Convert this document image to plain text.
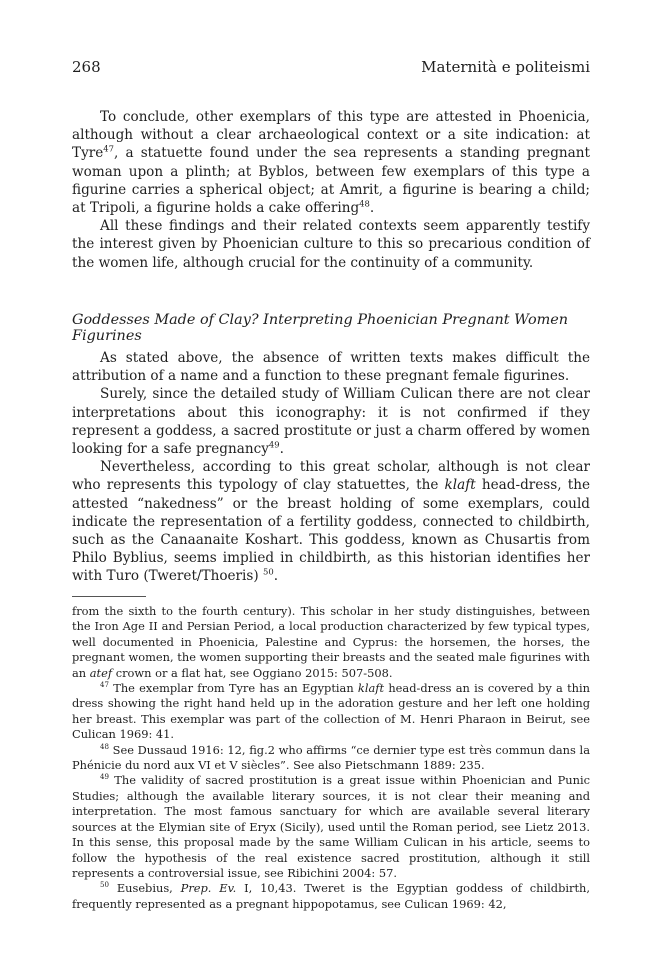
268	Maternità e politeismi

To conclude, other exemplars of this type are attested in Phoenicia, although without a clear archaeological context or a site indication: at Tyre$^{47}$, a statuette found under the sea represents a standing pregnant woman upon a plinth; at Byblos, between few exemplars of this type a figurine carries a spherical object; at Amrit, a figurine is bearing a child; at Tripoli, a figurine holds a cake offering$^{48}$.

All these findings and their related contexts seem apparently testify the interest given by Phoenician culture to this so precarious condition of the women life, although crucial for the continuity of a community.

Goddesses Made of Clay? Interpreting Phoenician Pregnant Women Figurines

As stated above, the absence of written texts makes difficult the attribution of a name and a function to these pregnant female figurines.

Surely, since the detailed study of William Culican there are not clear interpretations about this iconography: it is not confirmed if they represent a goddess, a sacred prostitute or just a charm offered by women looking for a safe pregnancy$^{49}$.

Nevertheless, according to this great scholar, although is not clear who represents this typology of clay statuettes, the klaft head-dress, the attested “nakedness” or the breast holding of some exemplars, could indicate the representation of a fertility goddess, connected to childbirth, such as the Canaanaite Koshart. This goddess, known as Chusartis from Philo Byblius, seems implied in childbirth, as this historian identifies her with Turo (Tweret/Thoeris) $^{50}$.

from the sixth to the fourth century). This scholar in her study distinguishes, between the Iron Age II and Persian Period, a local production characterized by few typical types, well documented in Phoenicia, Palestine and Cyprus: the horsemen, the horses, the pregnant women, the women supporting their breasts and the seated male figurines with an atef crown or a flat hat, see Oggiano 2015: 507-508.

$^{47}$ The exemplar from Tyre has an Egyptian klaft head-dress an is covered by a thin dress showing the right hand held up in the adoration gesture and her left one holding her breast. This exemplar was part of the collection of M. Henri Pharaon in Beirut, see Culican 1969: 41.

$^{48}$ See Dussaud 1916: 12, fig.2 who affirms “ce dernier type est très commun dans la Phénicie du nord aux VI et V siècles”. See also Pietschmann 1889: 235.

$^{49}$ The validity of sacred prostitution is a great issue within Phoenician and Punic Studies; although the available literary sources, it is not clear their meaning and interpretation. The most famous sanctuary for which are available several literary sources at the Elymian site of Eryx (Sicily), used until the Roman period, see Lietz 2013. In this sense, this proposal made by the same William Culican in his article, seems to follow the hypothesis of the real existence sacred prostitution, although it still represents a controversial issue, see Ribichini 2004: 57.

$^{50}$ Eusebius, Prep. Ev. I, 10,43. Tweret is the Egyptian goddess of childbirth, frequently represented as a pregnant hippopotamus, see Culican 1969: 42,
